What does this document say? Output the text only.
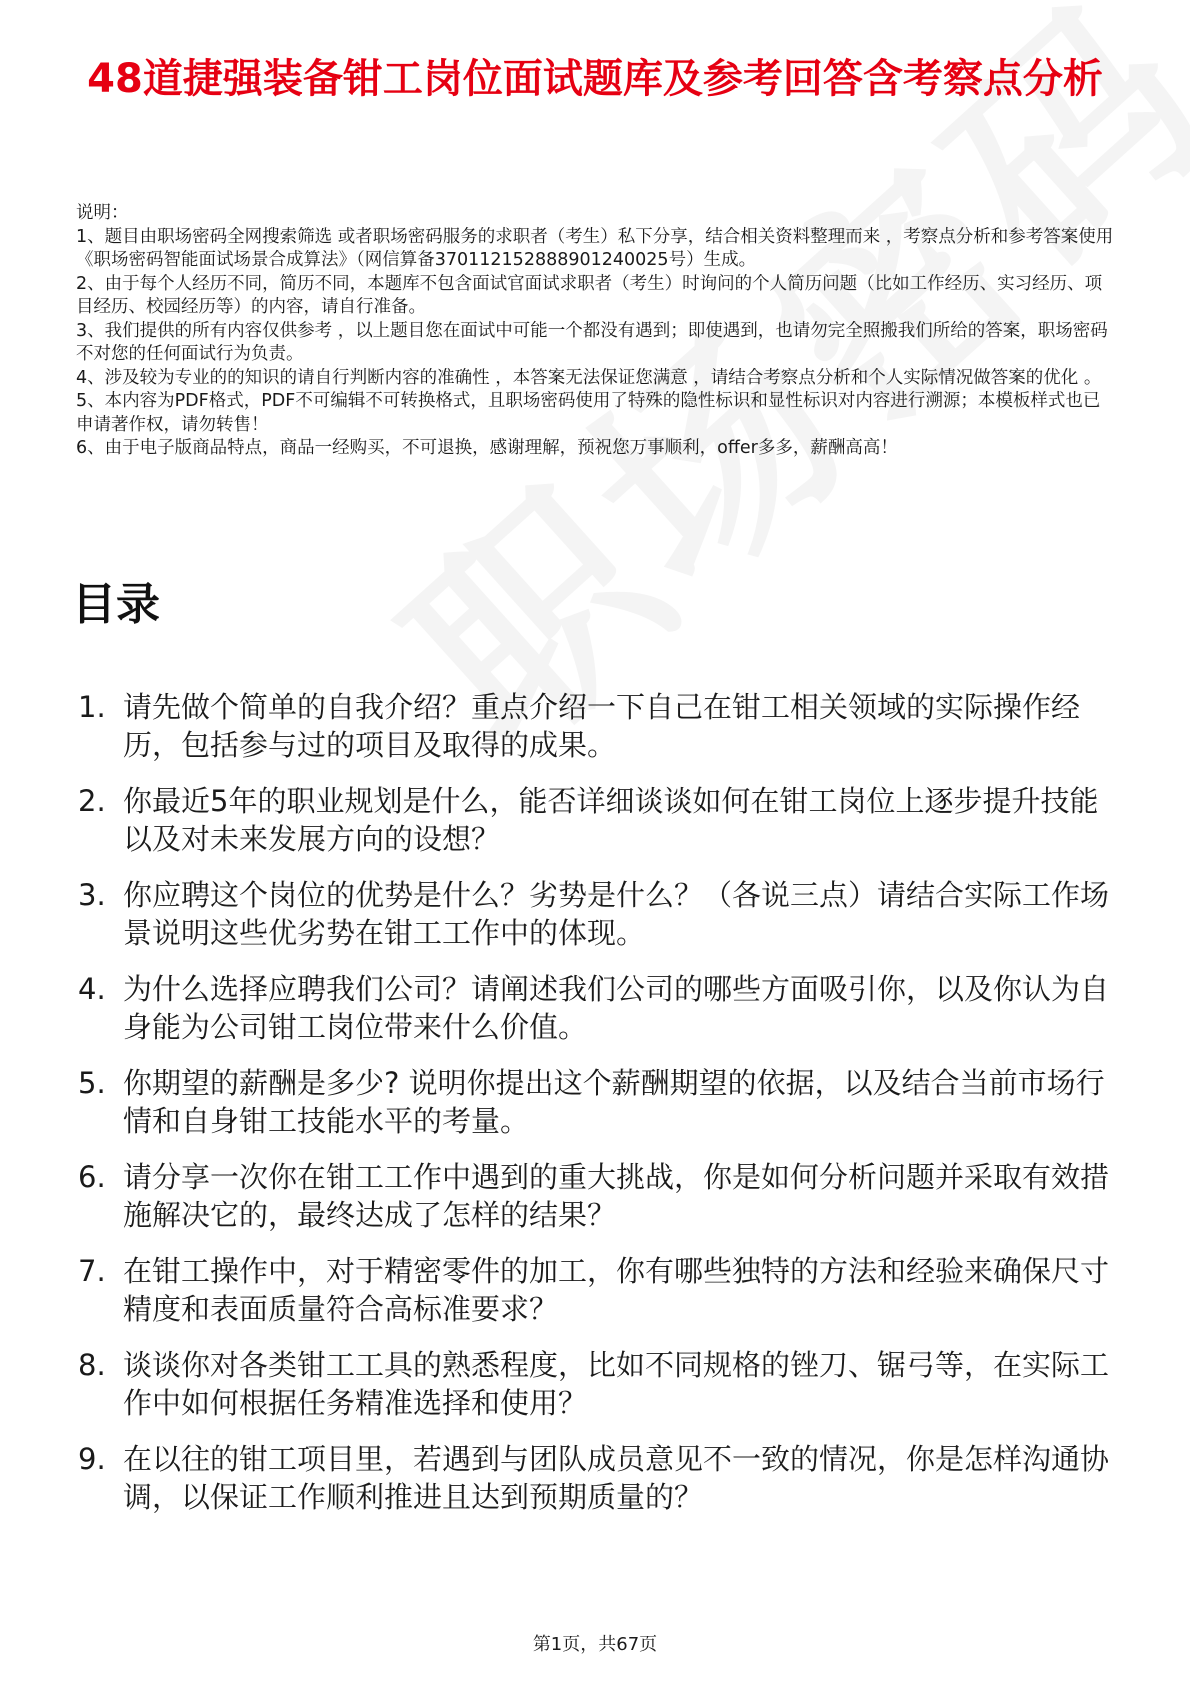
48道捷强装备钳工岗位面试题库及参考回答含考察点分析

说明：

1、题目由职场密码全网搜索筛选 或者职场密码服务的求职者（考生）私下分享，结合相关资料整理而来 ，考察点分析和参考答案使用《职场密码智能面试场景合成算法》（网信算备370112152888901240025号）生成。

2、由于每个人经历不同，简历不同，本题库不包含面试官面试求职者（考生）时询问的个人简历问题（比如工作经历、实习经历、项目经历、校园经历等）的内容，请自行准备。

3、我们提供的所有内容仅供参考 ，以上题目您在面试中可能一个都没有遇到；即使遇到，也请勿完全照搬我们所给的答案，职场密码不对您的任何面试行为负责。

4、涉及较为专业的的知识的请自行判断内容的准确性 ，本答案无法保证您满意 ，请结合考察点分析和个人实际情况做答案的优化 。

5、本内容为PDF格式，PDF不可编辑不可转换格式，且职场密码使用了特殊的隐性标识和显性标识对内容进行溯源；本模板样式也已申请著作权，请勿转售！

6、由于电子版商品特点，商品一经购买，不可退换，感谢理解，预祝您万事顺利，offer多多，薪酬高高！

目录
1. 请先做个简单的自我介绍？重点介绍一下自己在钳工相关领域的实际操作经历，包括参与过的项目及取得的成果。
2. 你最近5年的职业规划是什么，能否详细谈谈如何在钳工岗位上逐步提升技能以及对未来发展方向的设想？
3. 你应聘这个岗位的优势是什么？劣势是什么？（各说三点）请结合实际工作场景说明这些优劣势在钳工工作中的体现。
4. 为什么选择应聘我们公司？请阐述我们公司的哪些方面吸引你，以及你认为自身能为公司钳工岗位带来什么价值。
5. 你期望的薪酬是多少? 说明你提出这个薪酬期望的依据，以及结合当前市场行情和自身钳工技能水平的考量。
6. 请分享一次你在钳工工作中遇到的重大挑战，你是如何分析问题并采取有效措施解决它的，最终达成了怎样的结果？
7. 在钳工操作中，对于精密零件的加工，你有哪些独特的方法和经验来确保尺寸精度和表面质量符合高标准要求？
8. 谈谈你对各类钳工工具的熟悉程度，比如不同规格的锉刀、锯弓等，在实际工作中如何根据任务精准选择和使用？
9. 在以往的钳工项目里，若遇到与团队成员意见不一致的情况，你是怎样沟通协调，以保证工作顺利推进且达到预期质量的？
第1页，共67页
